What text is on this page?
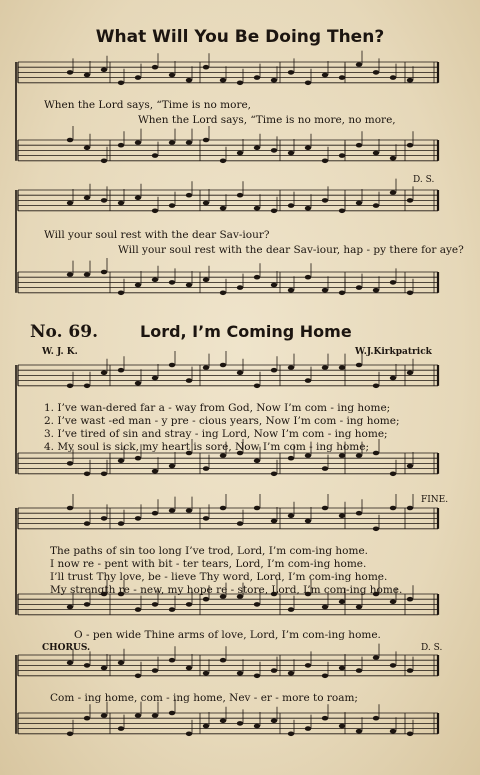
What Will You Be Doing Then?
When the Lord says, “Time is no more,
When the Lord says, “Time is no more, no more,
D. S.
Will your soul rest with the dear Sav-iour?
Will your soul rest with the dear Sav-iour, hap - py there for aye?
No. 69.	Lord, I’m Coming Home
W. J. K.	W.J.Kirkpatrick
1. I’ve wan-dered far a - way from God, Now I’m com - ing home;
2. I’ve wast -ed man - y pre - cious years, Now I’m com - ing home;
3. I’ve tired of sin and stray - ing Lord, Now I’m com - ing home;
4. My soul is sick, my heart is sore, Now I’m com - ing home;
FINE.
The paths of sin too long I’ve trod, Lord, I’m com-ing home.
I now re - pent with bit - ter tears, Lord, I’m com-ing home.
I’ll trust Thy love, be - lieve Thy word, Lord, I’m com-ing home.
My strength re - new, my hope re - store, Lord, I’m com-ing home.
O - pen wide Thine arms of love, Lord, I’m com-ing home.
CHORUS.	D. S.
Com - ing home, com - ing home, Nev - er - more to roam;
